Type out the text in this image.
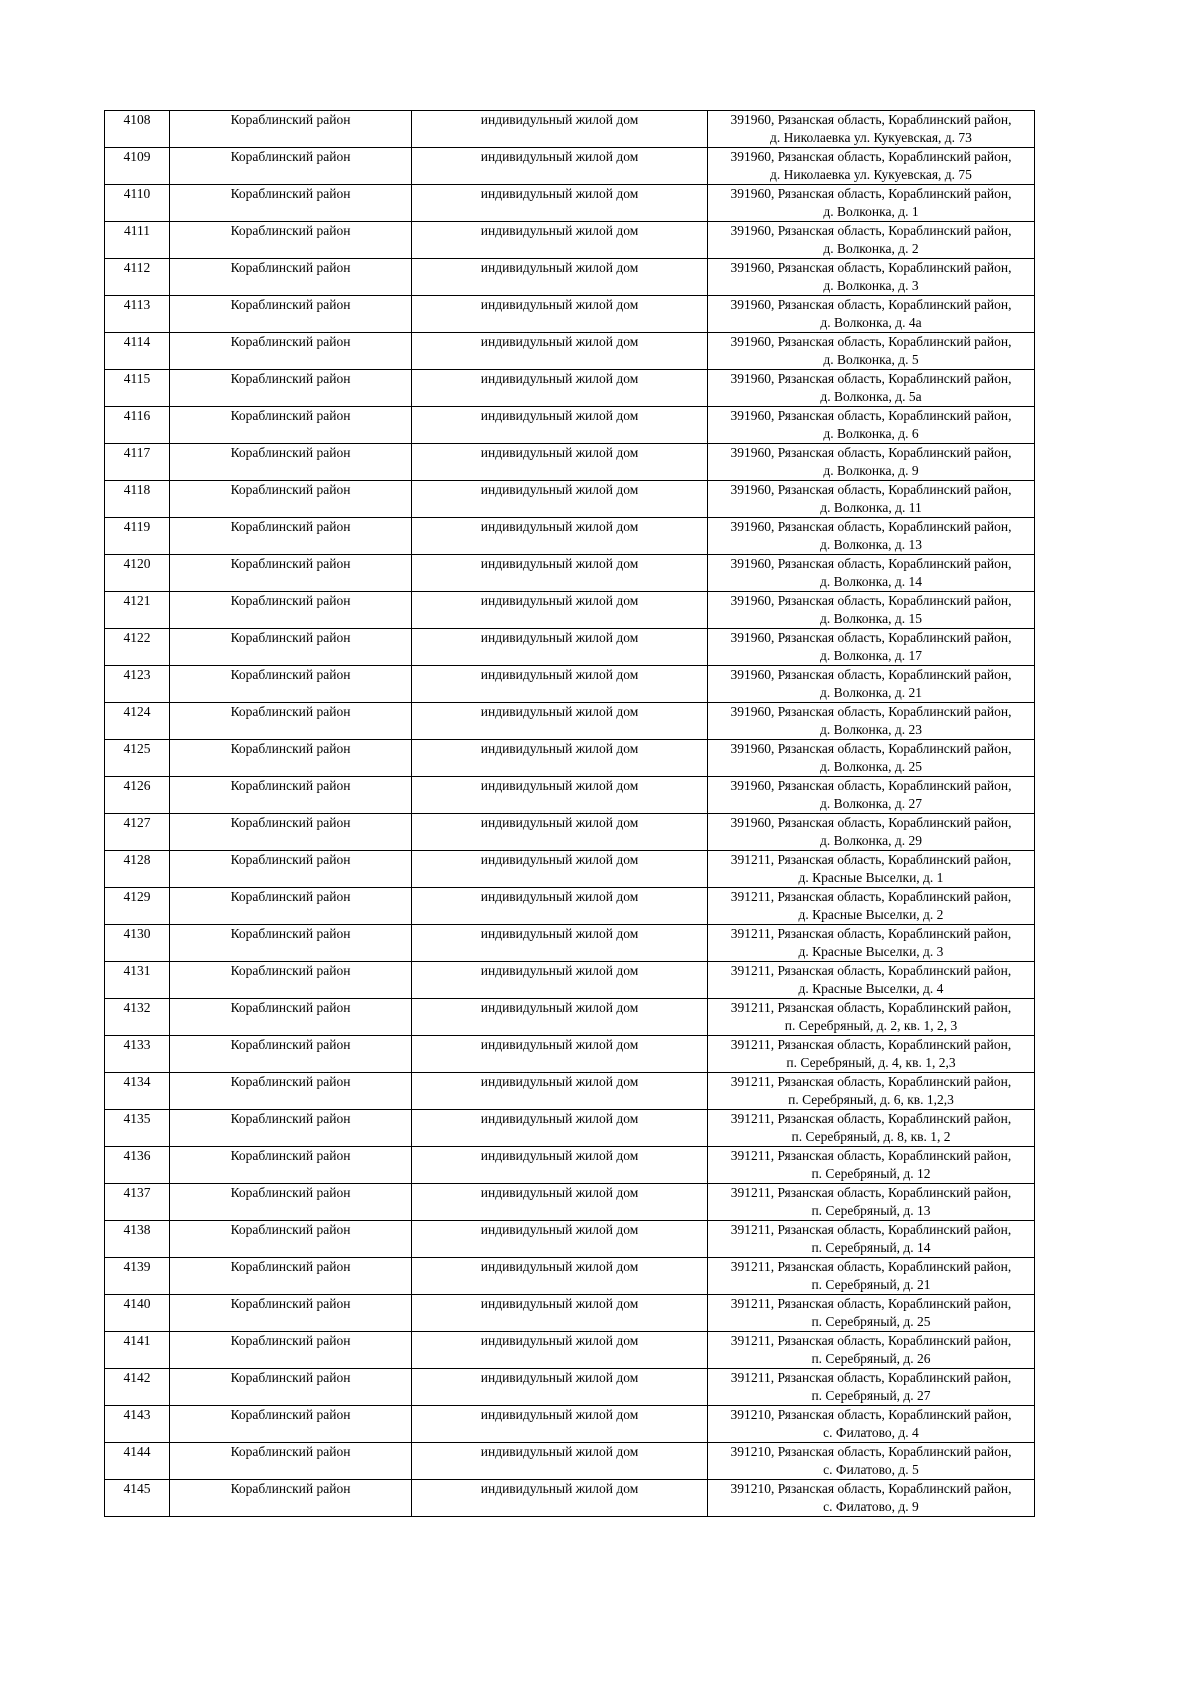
4108	Кораблинский район	индивидульный жилой дом	391960, Рязанская область, Кораблинский район,
д. Николаевка ул. Кукуевская, д. 73

4109	Кораблинский район	индивидульный жилой дом	391960, Рязанская область, Кораблинский район,
д. Николаевка ул. Кукуевская, д. 75

4110	Кораблинский район	индивидульный жилой дом	391960, Рязанская область, Кораблинский район,
д. Волконка, д. 1

4111	Кораблинский район	индивидульный жилой дом	391960, Рязанская область, Кораблинский район,
д. Волконка, д. 2

4112	Кораблинский район	индивидульный жилой дом	391960, Рязанская область, Кораблинский район,
д. Волконка, д. 3

4113	Кораблинский район	индивидульный жилой дом	391960, Рязанская область, Кораблинский район,
д. Волконка, д. 4а

4114	Кораблинский район	индивидульный жилой дом	391960, Рязанская область, Кораблинский район,
д. Волконка, д. 5

4115	Кораблинский район	индивидульный жилой дом	391960, Рязанская область, Кораблинский район,
д. Волконка, д. 5а

4116	Кораблинский район	индивидульный жилой дом	391960, Рязанская область, Кораблинский район,
д. Волконка, д. 6

4117	Кораблинский район	индивидульный жилой дом	391960, Рязанская область, Кораблинский район,
д. Волконка, д. 9

4118	Кораблинский район	индивидульный жилой дом	391960, Рязанская область, Кораблинский район,
д. Волконка, д. 11

4119	Кораблинский район	индивидульный жилой дом	391960, Рязанская область, Кораблинский район,
д. Волконка, д. 13

4120	Кораблинский район	индивидульный жилой дом	391960, Рязанская область, Кораблинский район,
д. Волконка, д. 14

4121	Кораблинский район	индивидульный жилой дом	391960, Рязанская область, Кораблинский район,
д. Волконка, д. 15

4122	Кораблинский район	индивидульный жилой дом	391960, Рязанская область, Кораблинский район,
д. Волконка, д. 17

4123	Кораблинский район	индивидульный жилой дом	391960, Рязанская область, Кораблинский район,
д. Волконка, д. 21

4124	Кораблинский район	индивидульный жилой дом	391960, Рязанская область, Кораблинский район,
д. Волконка, д. 23

4125	Кораблинский район	индивидульный жилой дом	391960, Рязанская область, Кораблинский район,
д. Волконка, д. 25

4126	Кораблинский район	индивидульный жилой дом	391960, Рязанская область, Кораблинский район,
д. Волконка, д. 27

4127	Кораблинский район	индивидульный жилой дом	391960, Рязанская область, Кораблинский район,
д. Волконка, д. 29

4128	Кораблинский район	индивидульный жилой дом	391211, Рязанская область, Кораблинский район,
д. Красные Выселки, д. 1

4129	Кораблинский район	индивидульный жилой дом	391211, Рязанская область, Кораблинский район,
д. Красные Выселки, д. 2

4130	Кораблинский район	индивидульный жилой дом	391211, Рязанская область, Кораблинский район,
д. Красные Выселки, д. 3

4131	Кораблинский район	индивидульный жилой дом	391211, Рязанская область, Кораблинский район,
д. Красные Выселки, д. 4

4132	Кораблинский район	индивидульный жилой дом	391211, Рязанская область, Кораблинский район,
п. Серебряный, д. 2, кв. 1, 2, 3

4133	Кораблинский район	индивидульный жилой дом	391211, Рязанская область, Кораблинский район,
п. Серебряный, д. 4, кв. 1, 2,3

4134	Кораблинский район	индивидульный жилой дом	391211, Рязанская область, Кораблинский район,
п. Серебряный, д. 6, кв. 1,2,3

4135	Кораблинский район	индивидульный жилой дом	391211, Рязанская область, Кораблинский район,
п. Серебряный, д. 8, кв. 1, 2

4136	Кораблинский район	индивидульный жилой дом	391211, Рязанская область, Кораблинский район,
п. Серебряный, д. 12

4137	Кораблинский район	индивидульный жилой дом	391211, Рязанская область, Кораблинский район,
п. Серебряный, д. 13

4138	Кораблинский район	индивидульный жилой дом	391211, Рязанская область, Кораблинский район,
п. Серебряный, д. 14

4139	Кораблинский район	индивидульный жилой дом	391211, Рязанская область, Кораблинский район,
п. Серебряный, д. 21

4140	Кораблинский район	индивидульный жилой дом	391211, Рязанская область, Кораблинский район,
п. Серебряный, д. 25

4141	Кораблинский район	индивидульный жилой дом	391211, Рязанская область, Кораблинский район,
п. Серебряный, д. 26

4142	Кораблинский район	индивидульный жилой дом	391211, Рязанская область, Кораблинский район,
п. Серебряный, д. 27

4143	Кораблинский район	индивидульный жилой дом	391210, Рязанская область, Кораблинский район,
с. Филатово, д. 4

4144	Кораблинский район	индивидульный жилой дом	391210, Рязанская область, Кораблинский район,
с. Филатово, д. 5

4145	Кораблинский район	индивидульный жилой дом	391210, Рязанская область, Кораблинский район,
с. Филатово, д. 9
